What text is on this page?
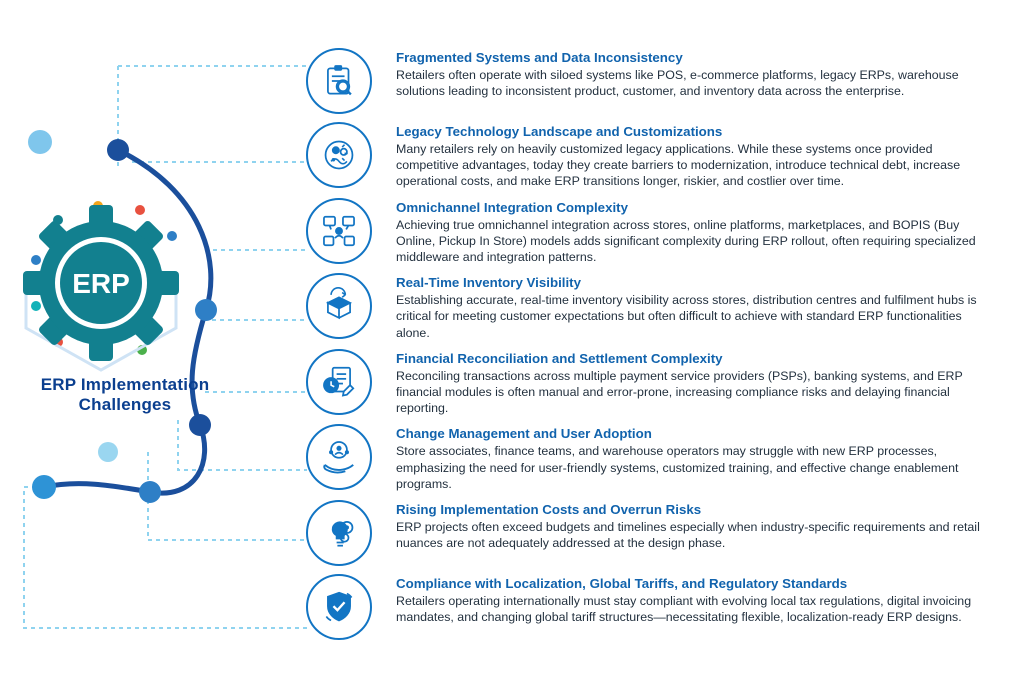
ERP
ERP Implementation
Challenges
Fragmented Systems and Data Inconsistency
Retailers often operate with siloed systems like POS, e-commerce platforms, legacy ERPs, warehouse solutions leading to inconsistent product, customer, and inventory data across the enterprise.
Legacy Technology Landscape and Customizations
Many retailers rely on heavily customized legacy applications. While these systems once provided competitive advantages, today they create barriers to modernization, introduce technical debt, increase operational costs, and make ERP transitions longer, riskier, and costlier over time.
Omnichannel Integration Complexity
Achieving true omnichannel integration across stores, online platforms, marketplaces, and BOPIS (Buy Online, Pickup In Store) models adds significant complexity during ERP rollout, often requiring specialized middleware and integration patterns.
Real-Time Inventory Visibility
Establishing accurate, real-time inventory visibility across stores, distribution centres and fulfilment hubs is critical for meeting customer expectations but often difficult to achieve with standard ERP functionalities alone.
Financial Reconciliation and Settlement Complexity
Reconciling transactions across multiple payment service providers (PSPs), banking systems, and ERP financial modules is often manual and error-prone, increasing compliance risks and delaying financial reporting.
Change Management and User Adoption
Store associates, finance teams, and warehouse operators may struggle with new ERP processes, emphasizing the need for user-friendly systems, customized training, and effective change enablement programs.
Rising Implementation Costs and Overrun Risks
ERP projects often exceed budgets and timelines especially when industry-specific requirements and retail nuances are not adequately addressed at the design phase.
Compliance with Localization, Global Tariffs, and Regulatory Standards
Retailers operating internationally must stay compliant with evolving local tax regulations, digital invoicing mandates, and changing global tariff structures—necessitating flexible, localization-ready ERP designs.
